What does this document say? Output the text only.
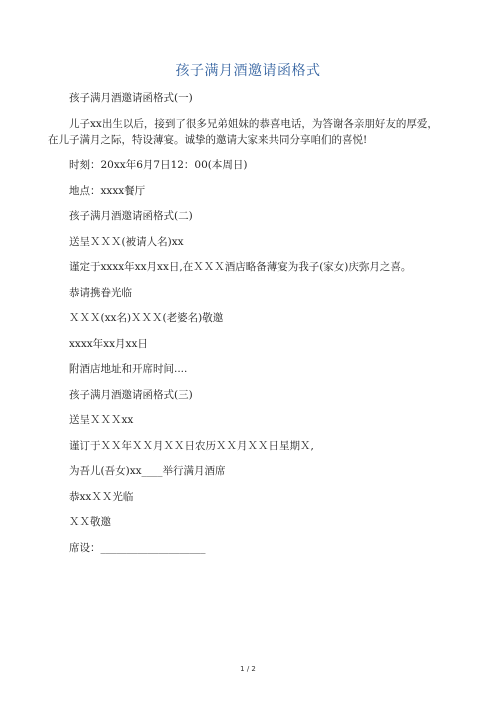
孩子满月酒邀请函格式

孩子满月酒邀请函格式(一)

儿子xx出生以后，接到了很多兄弟姐妹的恭喜电话，为答谢各亲朋好友的厚爱，在儿子满月之际，特设薄宴。诚挚的邀请大家来共同分享咱们的喜悦!

时刻：20xx年6月7日12：00(本周日)

地点：xxxx餐厅

孩子满月酒邀请函格式(二)

送呈ＸＸＸ(被请人名)xx

谨定于xxxx年xx月xx日,在ＸＸＸ酒店略备薄宴为我子(家女)庆弥月之喜。

恭请携眷光临

ＸＸＸ(xx名)ＸＸＸ(老婆名)敬邀

xxxx年xx月xx日

附酒店地址和开席时间....

孩子满月酒邀请函格式(三)

送呈ＸＸＸxx

谨订于ＸＸ年ＸＸ月ＸＸ日农历ＸＸ月ＸＸ日星期Ｘ,

为吾儿(吾女)xx____举行满月酒席

恭xxＸＸ光临

ＸＸ敬邀

席设：____________________

1 / 2
